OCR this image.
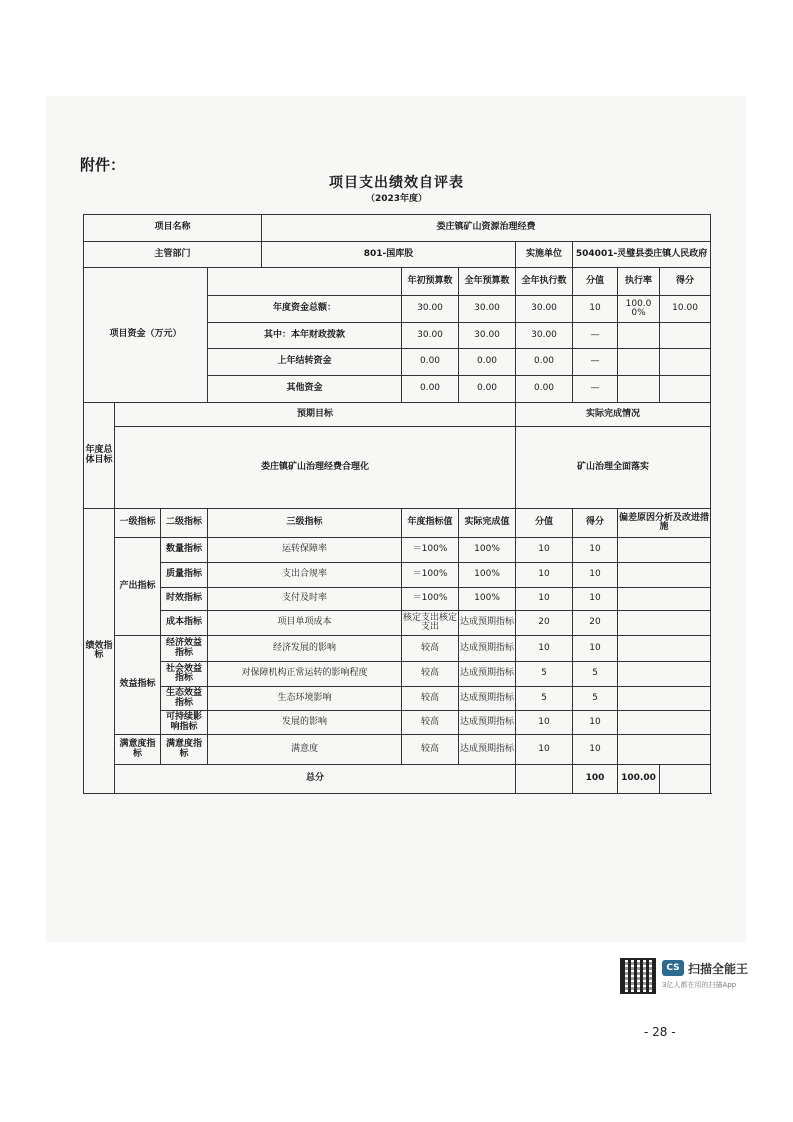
附件：
项目支出绩效自评表
（2023年度）
项目名称				娄庄镇矿山资源治理经费						
主管部门				801-国库股			实施单位	504001-灵璧县娄庄镇人民政府		
项目资金（万元）					年初预算数	全年预算数	全年执行数	分值	执行率	得分
			年度资金总额：		30.00	30.00	30.00	10	100.00%	10.00
			其中：本年财政拨款		30.00	30.00	30.00	—		
			上年结转资金		0.00	0.00	0.00	—		
			其他资金		0.00	0.00	0.00	—		
年度总体目标	预期目标						实际完成情况			
	娄庄镇矿山治理经费合理化						矿山治理全面落实			
绩效指标	一级指标	二级指标	三级指标		年度指标值	实际完成值	分值	得分	偏差原因分析及改进措施	
	产出指标	数量指标	运转保障率		＝100%	100%	10	10		
		质量指标	支出合规率		＝100%	100%	10	10		
		时效指标	支付及时率		＝100%	100%	10	10		
		成本指标	项目单项成本		核定支出核定支出	达成预期指标	20	20		
	效益指标	经济效益指标	经济发展的影响		较高	达成预期指标	10	10		
		社会效益指标	对保障机构正常运转的影响程度		较高	达成预期指标	5	5		
		生态效益指标	生态环境影响		较高	达成预期指标	5	5		
		可持续影响指标	发展的影响		较高	达成预期指标	10	10		
	满意度指标	满意度指标	满意度		较高	达成预期指标	10	10		
	总分							100	100.00	
CS 扫描全能王
3亿人都在用的扫描App
- 28 -
